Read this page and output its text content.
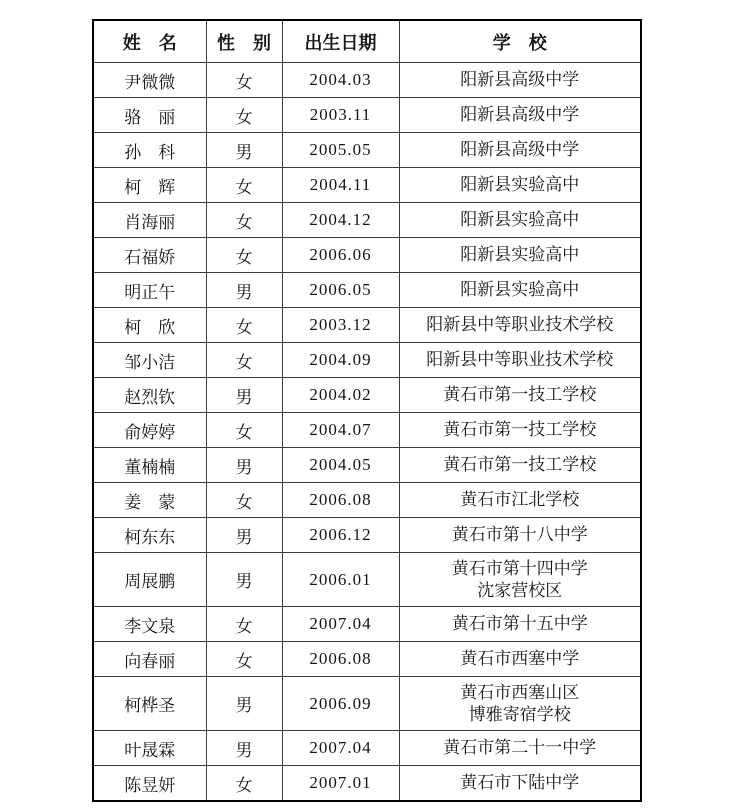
姓　名	性　别	出生日期	学　校
尹微微	女	2004.03	阳新县高级中学

骆　丽	女	2003.11	阳新县高级中学

孙　科	男	2005.05	阳新县高级中学

柯　辉	女	2004.11	阳新县实验高中

肖海丽	女	2004.12	阳新县实验高中

石福娇	女	2006.06	阳新县实验高中

明正午	男	2006.05	阳新县实验高中

柯　欣	女	2003.12	阳新县中等职业技术学校

邹小洁	女	2004.09	阳新县中等职业技术学校

赵烈钦	男	2004.02	黄石市第一技工学校

俞婷婷	女	2004.07	黄石市第一技工学校

董楠楠	男	2004.05	黄石市第一技工学校

姜　蒙	女	2006.08	黄石市江北学校

柯东东	男	2006.12	黄石市第十八中学

周展鹏	男	2006.01	黄石市第十四中学
沈家营校区

李文泉	女	2007.04	黄石市第十五中学

向春丽	女	2006.08	黄石市西塞中学

柯桦圣	男	2006.09	黄石市西塞山区
博雅寄宿学校

叶晟霖	男	2007.04	黄石市第二十一中学

陈昱妍	女	2007.01	黄石市下陆中学
